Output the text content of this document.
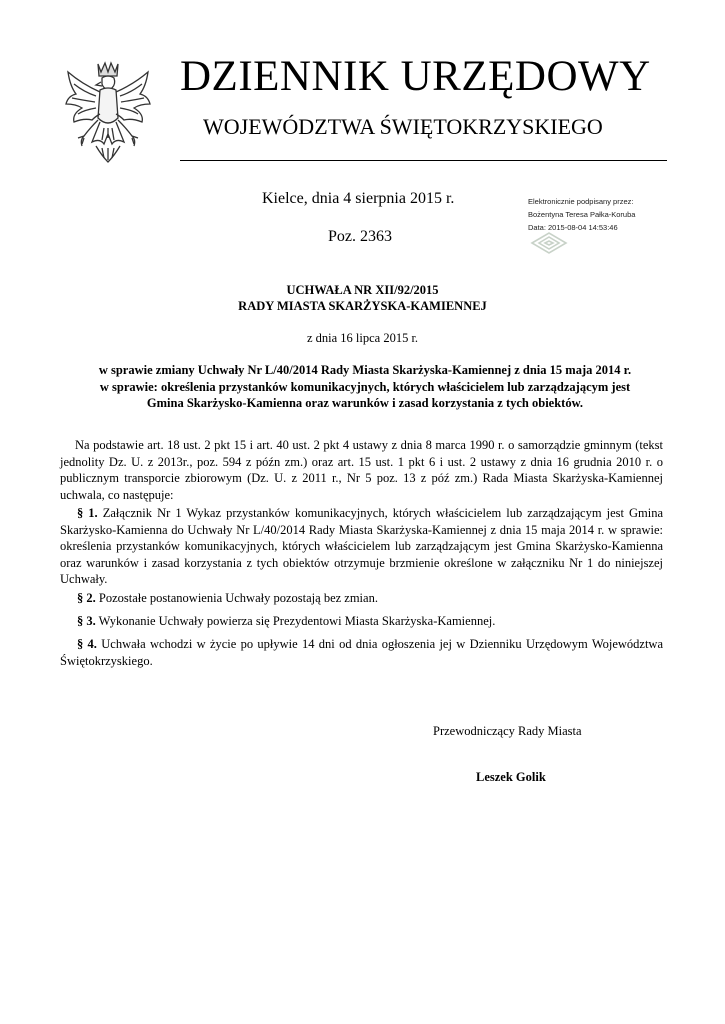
DZIENNIK URZĘDOWY
WOJEWÓDZTWA ŚWIĘTOKRZYSKIEGO
Kielce, dnia 4 sierpnia 2015 r.
Poz. 2363
Elektronicznie podpisany przez:
Bożentyna Teresa Pałka-Koruba
Data: 2015-08-04 14:53:46
UCHWAŁA NR XII/92/2015
RADY MIASTA SKARŻYSKA-KAMIENNEJ
z dnia 16 lipca 2015 r.
w sprawie zmiany Uchwały Nr L/40/2014 Rady Miasta Skarżyska-Kamiennej z dnia 15 maja 2014 r.
w sprawie: określenia przystanków komunikacyjnych, których właścicielem lub zarządzającym jest
Gmina Skarżysko-Kamienna oraz warunków i zasad korzystania z tych obiektów.
Na podstawie art. 18 ust. 2 pkt 15 i art. 40 ust. 2 pkt 4 ustawy z dnia 8 marca 1990 r. o samorządzie gminnym (tekst jednolity Dz. U. z 2013r., poz. 594 z późn zm.) oraz art. 15 ust. 1 pkt 6 i ust. 2 ustawy z dnia 16 grudnia 2010 r. o publicznym transporcie zbiorowym (Dz. U. z 2011 r., Nr 5 poz. 13 z póź zm.) Rada Miasta Skarżyska-Kamiennej uchwala, co następuje:

§ 1. Załącznik Nr 1 Wykaz przystanków komunikacyjnych, których właścicielem lub zarządzającym jest Gmina Skarżysko-Kamienna do Uchwały Nr L/40/2014 Rady Miasta Skarżyska-Kamiennej z dnia 15 maja 2014 r. w sprawie: określenia przystanków komunikacyjnych, których właścicielem lub zarządzającym jest Gmina Skarżysko-Kamienna oraz warunków i zasad korzystania z tych obiektów otrzymuje brzmienie określone w załączniku Nr 1 do niniejszej Uchwały.

§ 2. Pozostałe postanowienia Uchwały pozostają bez zmian.

§ 3. Wykonanie Uchwały powierza się Prezydentowi Miasta Skarżyska-Kamiennej.

§ 4. Uchwała wchodzi w życie po upływie 14 dni od dnia ogłoszenia jej w Dzienniku Urzędowym Województwa Świętokrzyskiego.

Przewodniczący Rady Miasta
Leszek Golik
